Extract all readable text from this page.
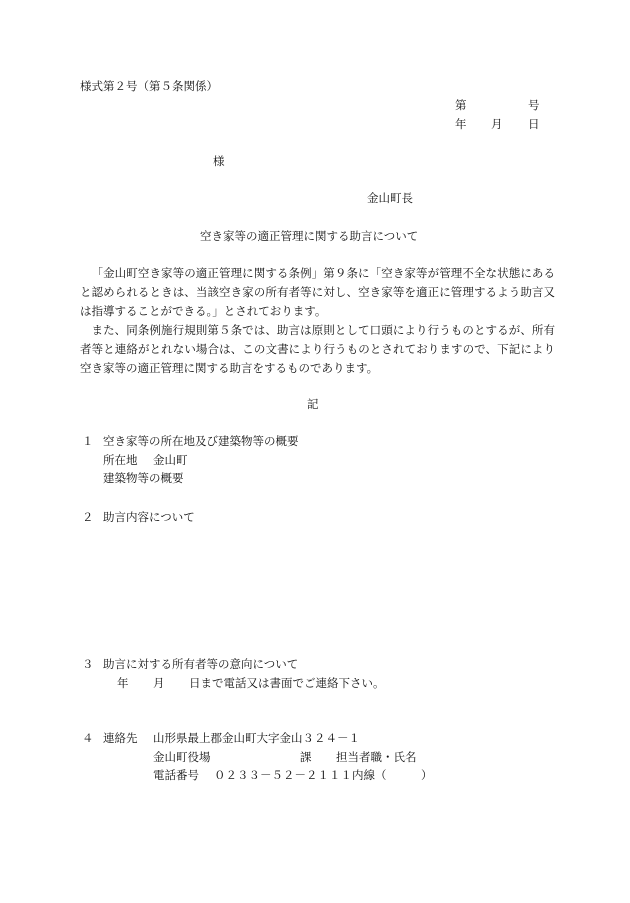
様式第２号（第５条関係）
第	号
年 月 日
様
金山町長
空き家等の適正管理に関する助言について

「金山町空き家等の適正管理に関する条例」第９条に「空き家等が管理不全な状態にあると認められるときは、当該空き家の所有者等に対し、空き家等を適正に管理するよう助言又は指導することができる。」とされております。

また、同条例施行規則第５条では、助言は原則として口頭により行うものとするが、所有者等と連絡がとれない場合は、この文書により行うものとされておりますので、下記により空き家等の適正管理に関する助言をするものであります。

記
１ 空き家等の所在地及び建築物等の概要
所在地 金山町
建築物等の概要
２ 助言内容について
３ 助言に対する所有者等の意向について
年 月 日まで電話又は書面でご連絡下さい。
４ 連絡先 山形県最上郡金山町大字金山３２４－１
金山町役場	課 担当者職・氏名
電話番号 ０２３３－５２－２１１１内線（　　　）
